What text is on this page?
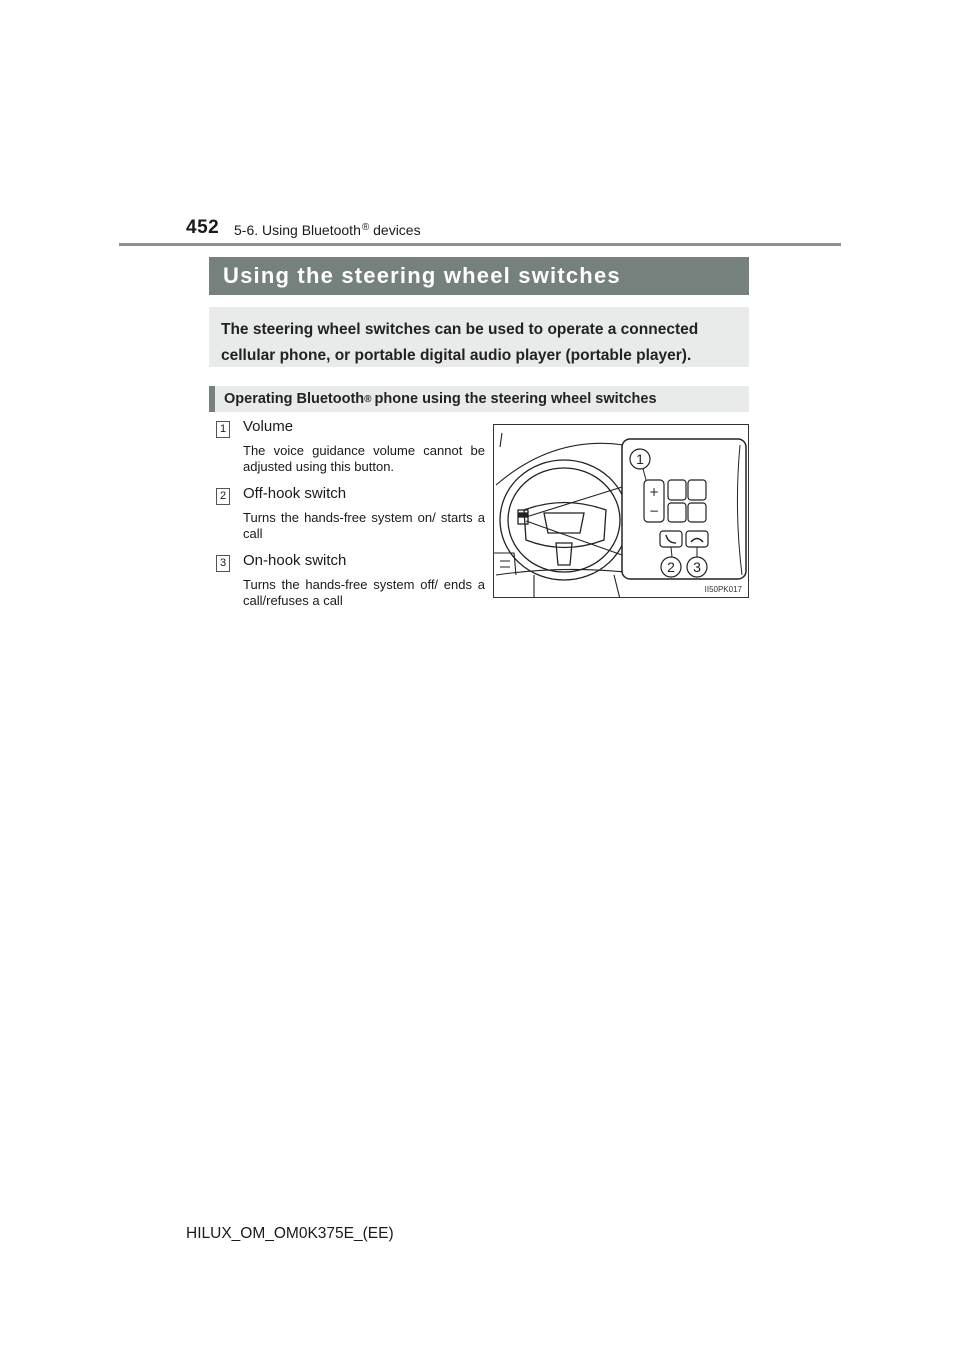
452 5-6. Using Bluetooth® devices
Using the steering wheel switches
The steering wheel switches can be used to operate a connected cellular phone, or portable digital audio player (portable player).
Operating Bluetooth ® phone using the steering wheel switches
1 Volume
The voice guidance volume cannot be adjusted using this button.
2 Off-hook switch
Turns the hands-free system on/ starts a call
3 On-hook switch
Turns the hands-free system off/ ends a call/refuses a call
+
−
1
2 3
II50PK017
HILUX_OM_OM0K375E_(EE)
